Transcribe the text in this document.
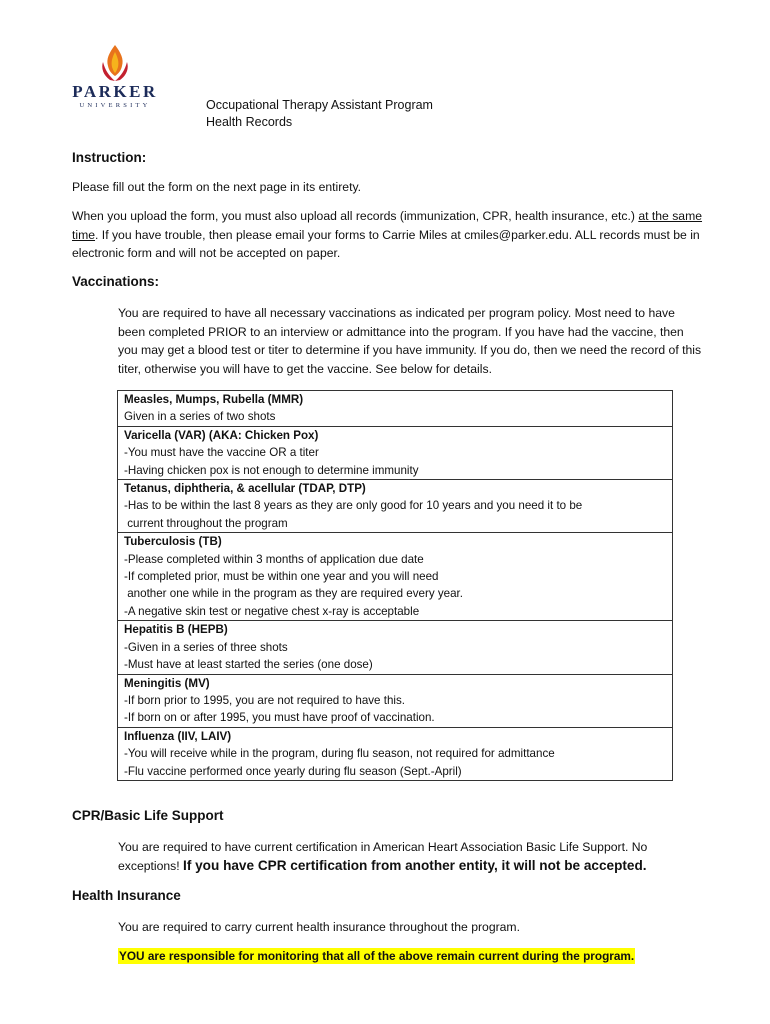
PARKER
UNIVERSITY	Occupational Therapy Assistant Program
Health Records
Instruction:
Please fill out the form on the next page in its entirety.
When you upload the form, you must also upload all records (immunization, CPR, health insurance, etc.) at the same time. If you have trouble, then please email your forms to Carrie Miles at cmiles@parker.edu. ALL records must be in electronic form and will not be accepted on paper.
Vaccinations:
You are required to have all necessary vaccinations as indicated per program policy. Most need to have been completed PRIOR to an interview or admittance into the program. If you have had the vaccine, then you may get a blood test or titer to determine if you have immunity. If you do, then we need the record of this titer, otherwise you will have to get the vaccine. See below for details.
Measles, Mumps, Rubella (MMR)
Given in a series of two shots

Varicella (VAR) (AKA: Chicken Pox)
-You must have the vaccine OR a titer
-Having chicken pox is not enough to determine immunity

Tetanus, diphtheria, & acellular (TDAP, DTP)
-Has to be within the last 8 years as they are only good for 10 years and you need it to be
current throughout the program

Tuberculosis (TB)
-Please completed within 3 months of application due date
-If completed prior, must be within one year and you will need
another one while in the program as they are required every year.
-A negative skin test or negative chest x-ray is acceptable

Hepatitis B (HEPB)
-Given in a series of three shots
-Must have at least started the series (one dose)

Meningitis (MV)
-If born prior to 1995, you are not required to have this.
-If born on or after 1995, you must have proof of vaccination.

Influenza (IIV, LAIV)
-You will receive while in the program, during flu season, not required for admittance
-Flu vaccine performed once yearly during flu season (Sept.-April)
CPR/Basic Life Support
You are required to have current certification in American Heart Association Basic Life Support. No exceptions! If you have CPR certification from another entity, it will not be accepted.
Health Insurance
You are required to carry current health insurance throughout the program.
YOU are responsible for monitoring that all of the above remain current during the program.
